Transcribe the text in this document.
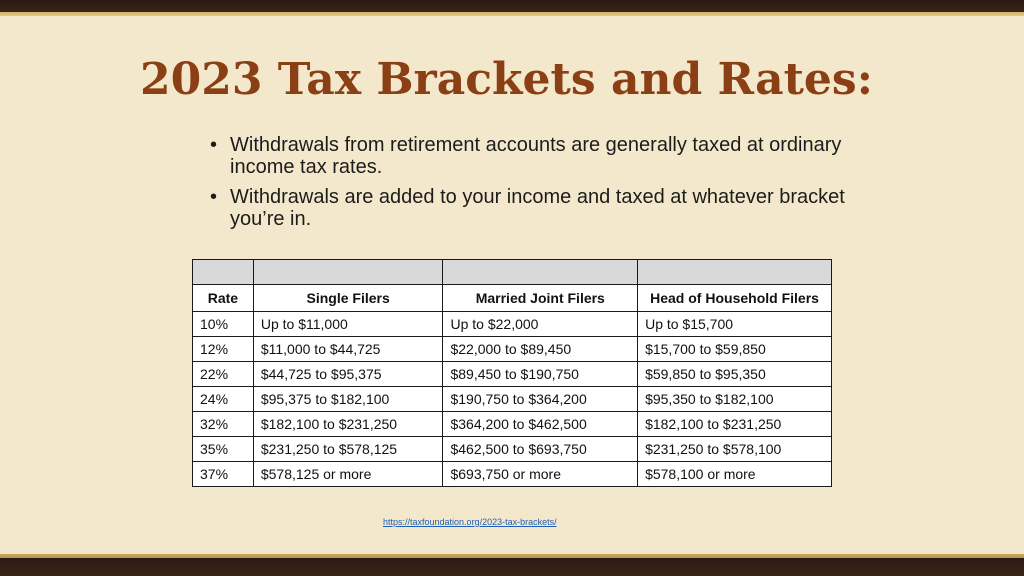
2023 Tax Brackets and Rates:
• Withdrawals from retirement accounts are generally taxed at ordinary income tax rates.
• Withdrawals are added to your income and taxed at whatever bracket you’re in.

Rate	Single Filers	Married Joint Filers	Head of Household Filers
10%	Up to $11,000	Up to $22,000	Up to $15,700
12%	$11,000 to $44,725	$22,000 to $89,450	$15,700 to $59,850
22%	$44,725 to $95,375	$89,450 to $190,750	$59,850 to $95,350
24%	$95,375 to $182,100	$190,750 to $364,200	$95,350 to $182,100
32%	$182,100 to $231,250	$364,200 to $462,500	$182,100 to $231,250
35%	$231,250 to $578,125	$462,500 to $693,750	$231,250 to $578,100
37%	$578,125 or more	$693,750 or more	$578,100 or more
https://taxfoundation.org/2023-tax-brackets/
